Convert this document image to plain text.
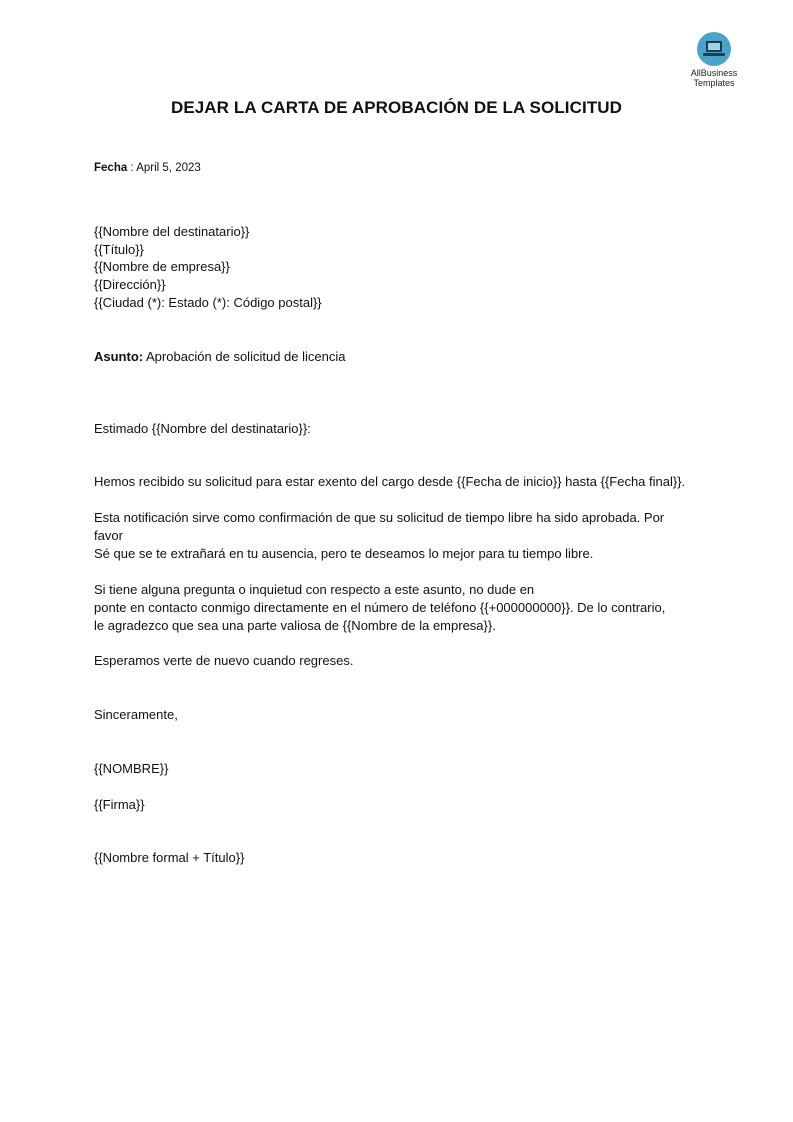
AllBusiness
Templates
DEJAR LA CARTA DE APROBACIÓN DE LA SOLICITUD
Fecha : April 5, 2023
{{Nombre del destinatario}}
{{Título}}
{{Nombre de empresa}}
{{Dirección}}
{{Ciudad (*): Estado (*): Código postal}}
Asunto: Aprobación de solicitud de licencia
Estimado {{Nombre del destinatario}}:
Hemos recibido su solicitud para estar exento del cargo desde {{Fecha de inicio}} hasta {{Fecha final}}.
Esta notificación sirve como confirmación de que su solicitud de tiempo libre ha sido aprobada. Por
favor
Sé que se te extrañará en tu ausencia, pero te deseamos lo mejor para tu tiempo libre.
Si tiene alguna pregunta o inquietud con respecto a este asunto, no dude en
ponte en contacto conmigo directamente en el número de teléfono {{+000000000}}. De lo contrario,
le agradezco que sea una parte valiosa de {{Nombre de la empresa}}.
Esperamos verte de nuevo cuando regreses.
Sinceramente,
{{NOMBRE}}
{{Firma}}
{{Nombre formal + Título}}
